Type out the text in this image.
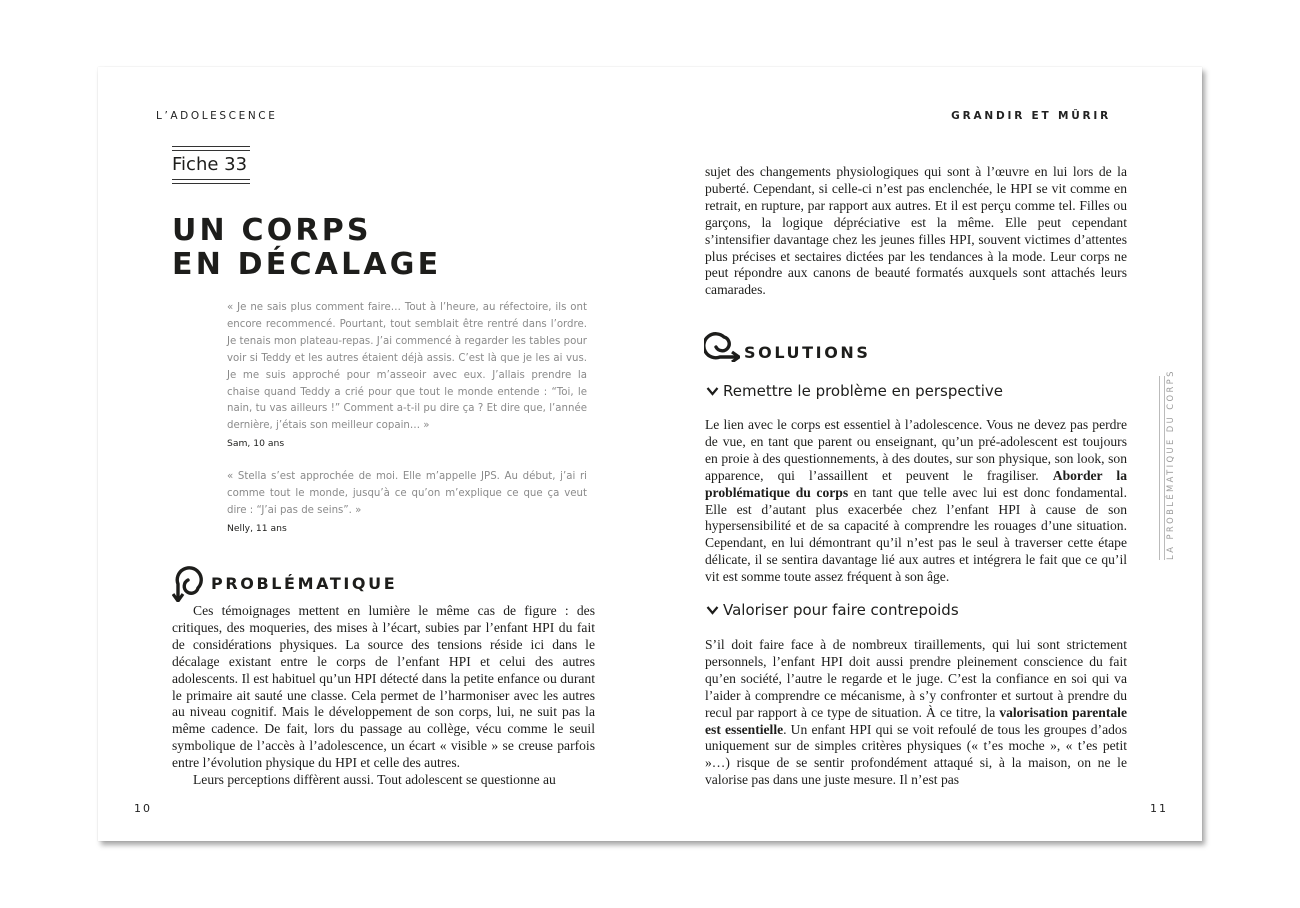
L’ADOLESCENCE	GRANDIR ET MÛRIR
Fiche 33
UN CORPS
EN DÉCALAGE
« Je ne sais plus comment faire… Tout à l’heure, au réfectoire, ils ont encore recommencé. Pourtant, tout semblait être rentré dans l’ordre. Je tenais mon plateau-repas. J’ai commencé à regarder les tables pour voir si Teddy et les autres étaient déjà assis. C’est là que je les ai vus. Je me suis approché pour m’asseoir avec eux. J’allais prendre la chaise quand Teddy a crié pour que tout le monde entende : “Toi, le nain, tu vas ailleurs !” Comment a-t-il pu dire ça ? Et dire que, l’année dernière, j’étais son meilleur copain… »
Sam, 10 ans
« Stella s’est approchée de moi. Elle m’appelle JPS. Au début, j’ai ri comme tout le monde, jusqu’à ce qu’on m’explique ce que ça veut dire : “J’ai pas de seins”. »
Nelly, 11 ans
PROBLÉMATIQUE

Ces témoignages mettent en lumière le même cas de figure : des critiques, des moqueries, des mises à l’écart, subies par l’enfant HPI du fait de considérations physiques. La source des tensions réside ici dans le décalage existant entre le corps de l’enfant HPI et celui des autres adolescents. Il est habituel qu’un HPI détecté dans la petite enfance ou durant le primaire ait sauté une classe. Cela permet de l’harmoniser avec les autres au niveau cognitif. Mais le développement de son corps, lui, ne suit pas la même cadence. De fait, lors du passage au collège, vécu comme le seuil symbolique de l’accès à l’adolescence, un écart « visible » se creuse parfois entre l’évolution physique du HPI et celle des autres.

Leurs perceptions diffèrent aussi. Tout adolescent se questionne au

sujet des changements physiologiques qui sont à l’œuvre en lui lors de la puberté. Cependant, si celle-ci n’est pas enclenchée, le HPI se vit comme en retrait, en rupture, par rapport aux autres. Et il est perçu comme tel. Filles ou garçons, la logique dépréciative est la même. Elle peut cependant s’intensifier davantage chez les jeunes filles HPI, souvent victimes d’attentes plus précises et sectaires dictées par les tendances à la mode. Leur corps ne peut répondre aux canons de beauté formatés auxquels sont attachés leurs camarades.

SOLUTIONS
Remettre le problème en perspective

Le lien avec le corps est essentiel à l’adolescence. Vous ne devez pas perdre de vue, en tant que parent ou enseignant, qu’un pré-adolescent est toujours en proie à des questionnements, à des doutes, sur son physique, son look, son apparence, qui l’assaillent et peuvent le fragiliser. Aborder la problématique du corps en tant que telle avec lui est donc fondamental. Elle est d’autant plus exacerbée chez l’enfant HPI à cause de son hypersensibilité et de sa capacité à comprendre les rouages d’une situation. Cependant, en lui démontrant qu’il n’est pas le seul à traverser cette étape délicate, il se sentira davantage lié aux autres et intégrera le fait que ce qu’il vit est somme toute assez fréquent à son âge.

Valoriser pour faire contrepoids

S’il doit faire face à de nombreux tiraillements, qui lui sont strictement personnels, l’enfant HPI doit aussi prendre pleinement conscience du fait qu’en société, l’autre le regarde et le juge. C’est la confiance en soi qui va l’aider à comprendre ce mécanisme, à s’y confronter et surtout à prendre du recul par rapport à ce type de situation. À ce titre, la valorisation parentale est essentielle. Un enfant HPI qui se voit refoulé de tous les groupes d’ados uniquement sur de simples critères physiques (« t’es moche », « t’es petit »…) risque de se sentir profondément attaqué si, à la maison, on ne le valorise pas dans une juste mesure. Il n’est pas

LA PROBLÉMATIQUE DU CORPS
10	11
